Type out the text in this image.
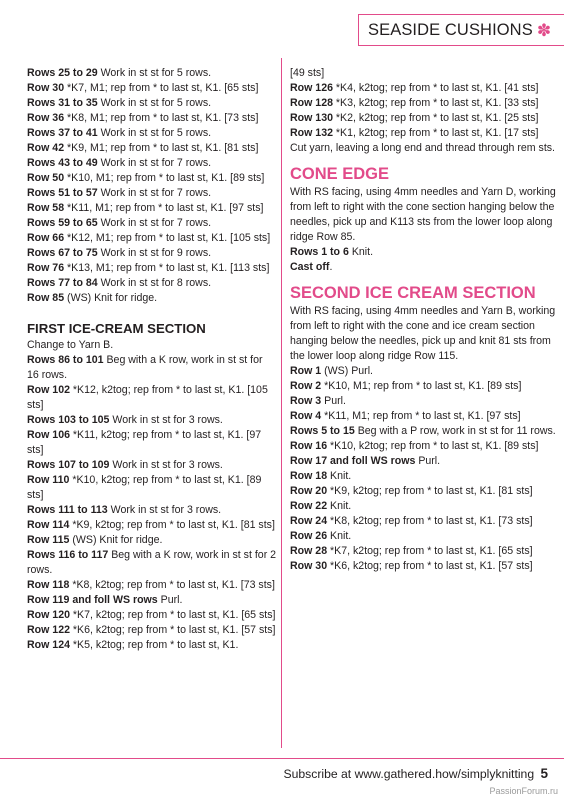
SEASIDE CUSHIONS ✽

Rows 25 to 29 Work in st st for 5 rows.

Row 30 *K7, M1; rep from * to last st, K1. [65 sts]

Rows 31 to 35 Work in st st for 5 rows.

Row 36 *K8, M1; rep from * to last st, K1. [73 sts]

Rows 37 to 41 Work in st st for 5 rows.

Row 42 *K9, M1; rep from * to last st, K1. [81 sts]

Rows 43 to 49 Work in st st for 7 rows.

Row 50 *K10, M1; rep from * to last st, K1. [89 sts]

Rows 51 to 57 Work in st st for 7 rows.

Row 58 *K11, M1; rep from * to last st, K1. [97 sts]

Rows 59 to 65 Work in st st for 7 rows.

Row 66 *K12, M1; rep from * to last st, K1. [105 sts]

Rows 67 to 75 Work in st st for 9 rows.

Row 76 *K13, M1; rep from * to last st, K1. [113 sts]

Rows 77 to 84 Work in st st for 8 rows.

Row 85 (WS) Knit for ridge.

FIRST ICE-CREAM SECTION

Change to Yarn B.

Rows 86 to 101 Beg with a K row, work in st st for 16 rows.

Row 102 *K12, k2tog; rep from * to last st, K1. [105 sts]

Rows 103 to 105 Work in st st for 3 rows.

Row 106 *K11, k2tog; rep from * to last st, K1. [97 sts]

Rows 107 to 109 Work in st st for 3 rows.

Row 110 *K10, k2tog; rep from * to last st, K1. [89 sts]

Rows 111 to 113 Work in st st for 3 rows.

Row 114 *K9, k2tog; rep from * to last st, K1. [81 sts]

Row 115 (WS) Knit for ridge.

Rows 116 to 117 Beg with a K row, work in st st for 2 rows.

Row 118 *K8, k2tog; rep from * to last st, K1. [73 sts]

Row 119 and foll WS rows Purl.

Row 120 *K7, k2tog; rep from * to last st, K1. [65 sts]

Row 122 *K6, k2tog; rep from * to last st, K1. [57 sts]

Row 124 *K5, k2tog; rep from * to last st, K1.

[49 sts]

Row 126 *K4, k2tog; rep from * to last st, K1. [41 sts]

Row 128 *K3, k2tog; rep from * to last st, K1. [33 sts]

Row 130 *K2, k2tog; rep from * to last st, K1. [25 sts]

Row 132 *K1, k2tog; rep from * to last st, K1. [17 sts]

Cut yarn, leaving a long end and thread through rem sts.

CONE EDGE

With RS facing, using 4mm needles and Yarn D, working from left to right with the cone section hanging below the needles, pick up and K113 sts from the lower loop along ridge Row 85.

Rows 1 to 6 Knit.

Cast off.

SECOND ICE CREAM SECTION

With RS facing, using 4mm needles and Yarn B, working from left to right with the cone and ice cream section hanging below the needles, pick up and knit 81 sts from the lower loop along ridge Row 115.

Row 1 (WS) Purl.

Row 2 *K10, M1; rep from * to last st, K1. [89 sts]

Row 3 Purl.

Row 4 *K11, M1; rep from * to last st, K1. [97 sts]

Rows 5 to 15 Beg with a P row, work in st st for 11 rows.

Row 16 *K10, k2tog; rep from * to last st, K1. [89 sts]

Row 17 and foll WS rows Purl.

Row 18 Knit.

Row 20 *K9, k2tog; rep from * to last st, K1. [81 sts]

Row 22 Knit.

Row 24 *K8, k2tog; rep from * to last st, K1. [73 sts]

Row 26 Knit.

Row 28 *K7, k2tog; rep from * to last st, K1. [65 sts]

Row 30 *K6, k2tog; rep from * to last st, K1. [57 sts]

Subscribe at www.gathered.how/simplyknitting 5
PassionForum.ru
